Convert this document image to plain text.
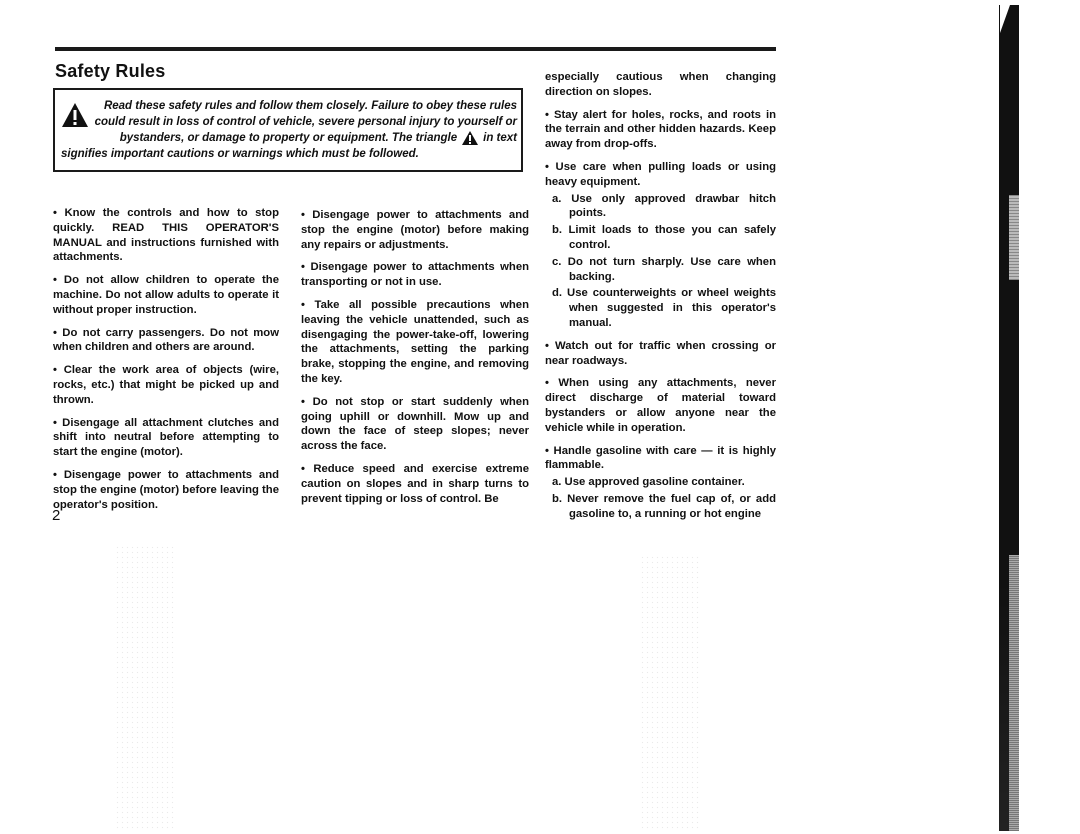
Safety Rules
Read these safety rules and follow them closely. Failure to obey these rules
could result in loss of control of vehicle, severe personal injury to yourself or
bystanders, or damage to property or equipment. The triangle in text
signifies important cautions or warnings which must be followed.

• Know the controls and how to stop quickly. READ THIS OPERATOR'S MANUAL and instructions furnished with attachments.

• Do not allow children to operate the machine. Do not allow adults to operate it without proper instruction.

• Do not carry passengers. Do not mow when children and others are around.

• Clear the work area of objects (wire, rocks, etc.) that might be picked up and thrown.

• Disengage all attachment clutches and shift into neutral before attempting to start the engine (motor).

• Disengage power to attachments and stop the engine (motor) before leaving the operator's position.

• Disengage power to attachments and stop the engine (motor) before making any repairs or adjustments.

• Disengage power to attachments when transporting or not in use.

• Take all possible precautions when leaving the vehicle unattended, such as disengaging the power-take-off, lowering the attachments, setting the parking brake, stopping the engine, and removing the key.

• Do not stop or start suddenly when going uphill or downhill. Mow up and down the face of steep slopes; never across the face.

• Reduce speed and exercise extreme caution on slopes and in sharp turns to prevent tipping or loss of control. Be

especially cautious when changing direction on slopes.

• Stay alert for holes, rocks, and roots in the terrain and other hidden hazards. Keep away from drop-offs.

• Use care when pulling loads or using heavy equipment.

a. Use only approved drawbar hitch points.

b. Limit loads to those you can safely control.

c. Do not turn sharply. Use care when backing.

d. Use counterweights or wheel weights when suggested in this operator's manual.

• Watch out for traffic when crossing or near roadways.

• When using any attachments, never direct discharge of material toward bystanders or allow anyone near the vehicle while in operation.

• Handle gasoline with care — it is highly flammable.

a. Use approved gasoline container.

b. Never remove the fuel cap of, or add gasoline to, a running or hot engine

2
